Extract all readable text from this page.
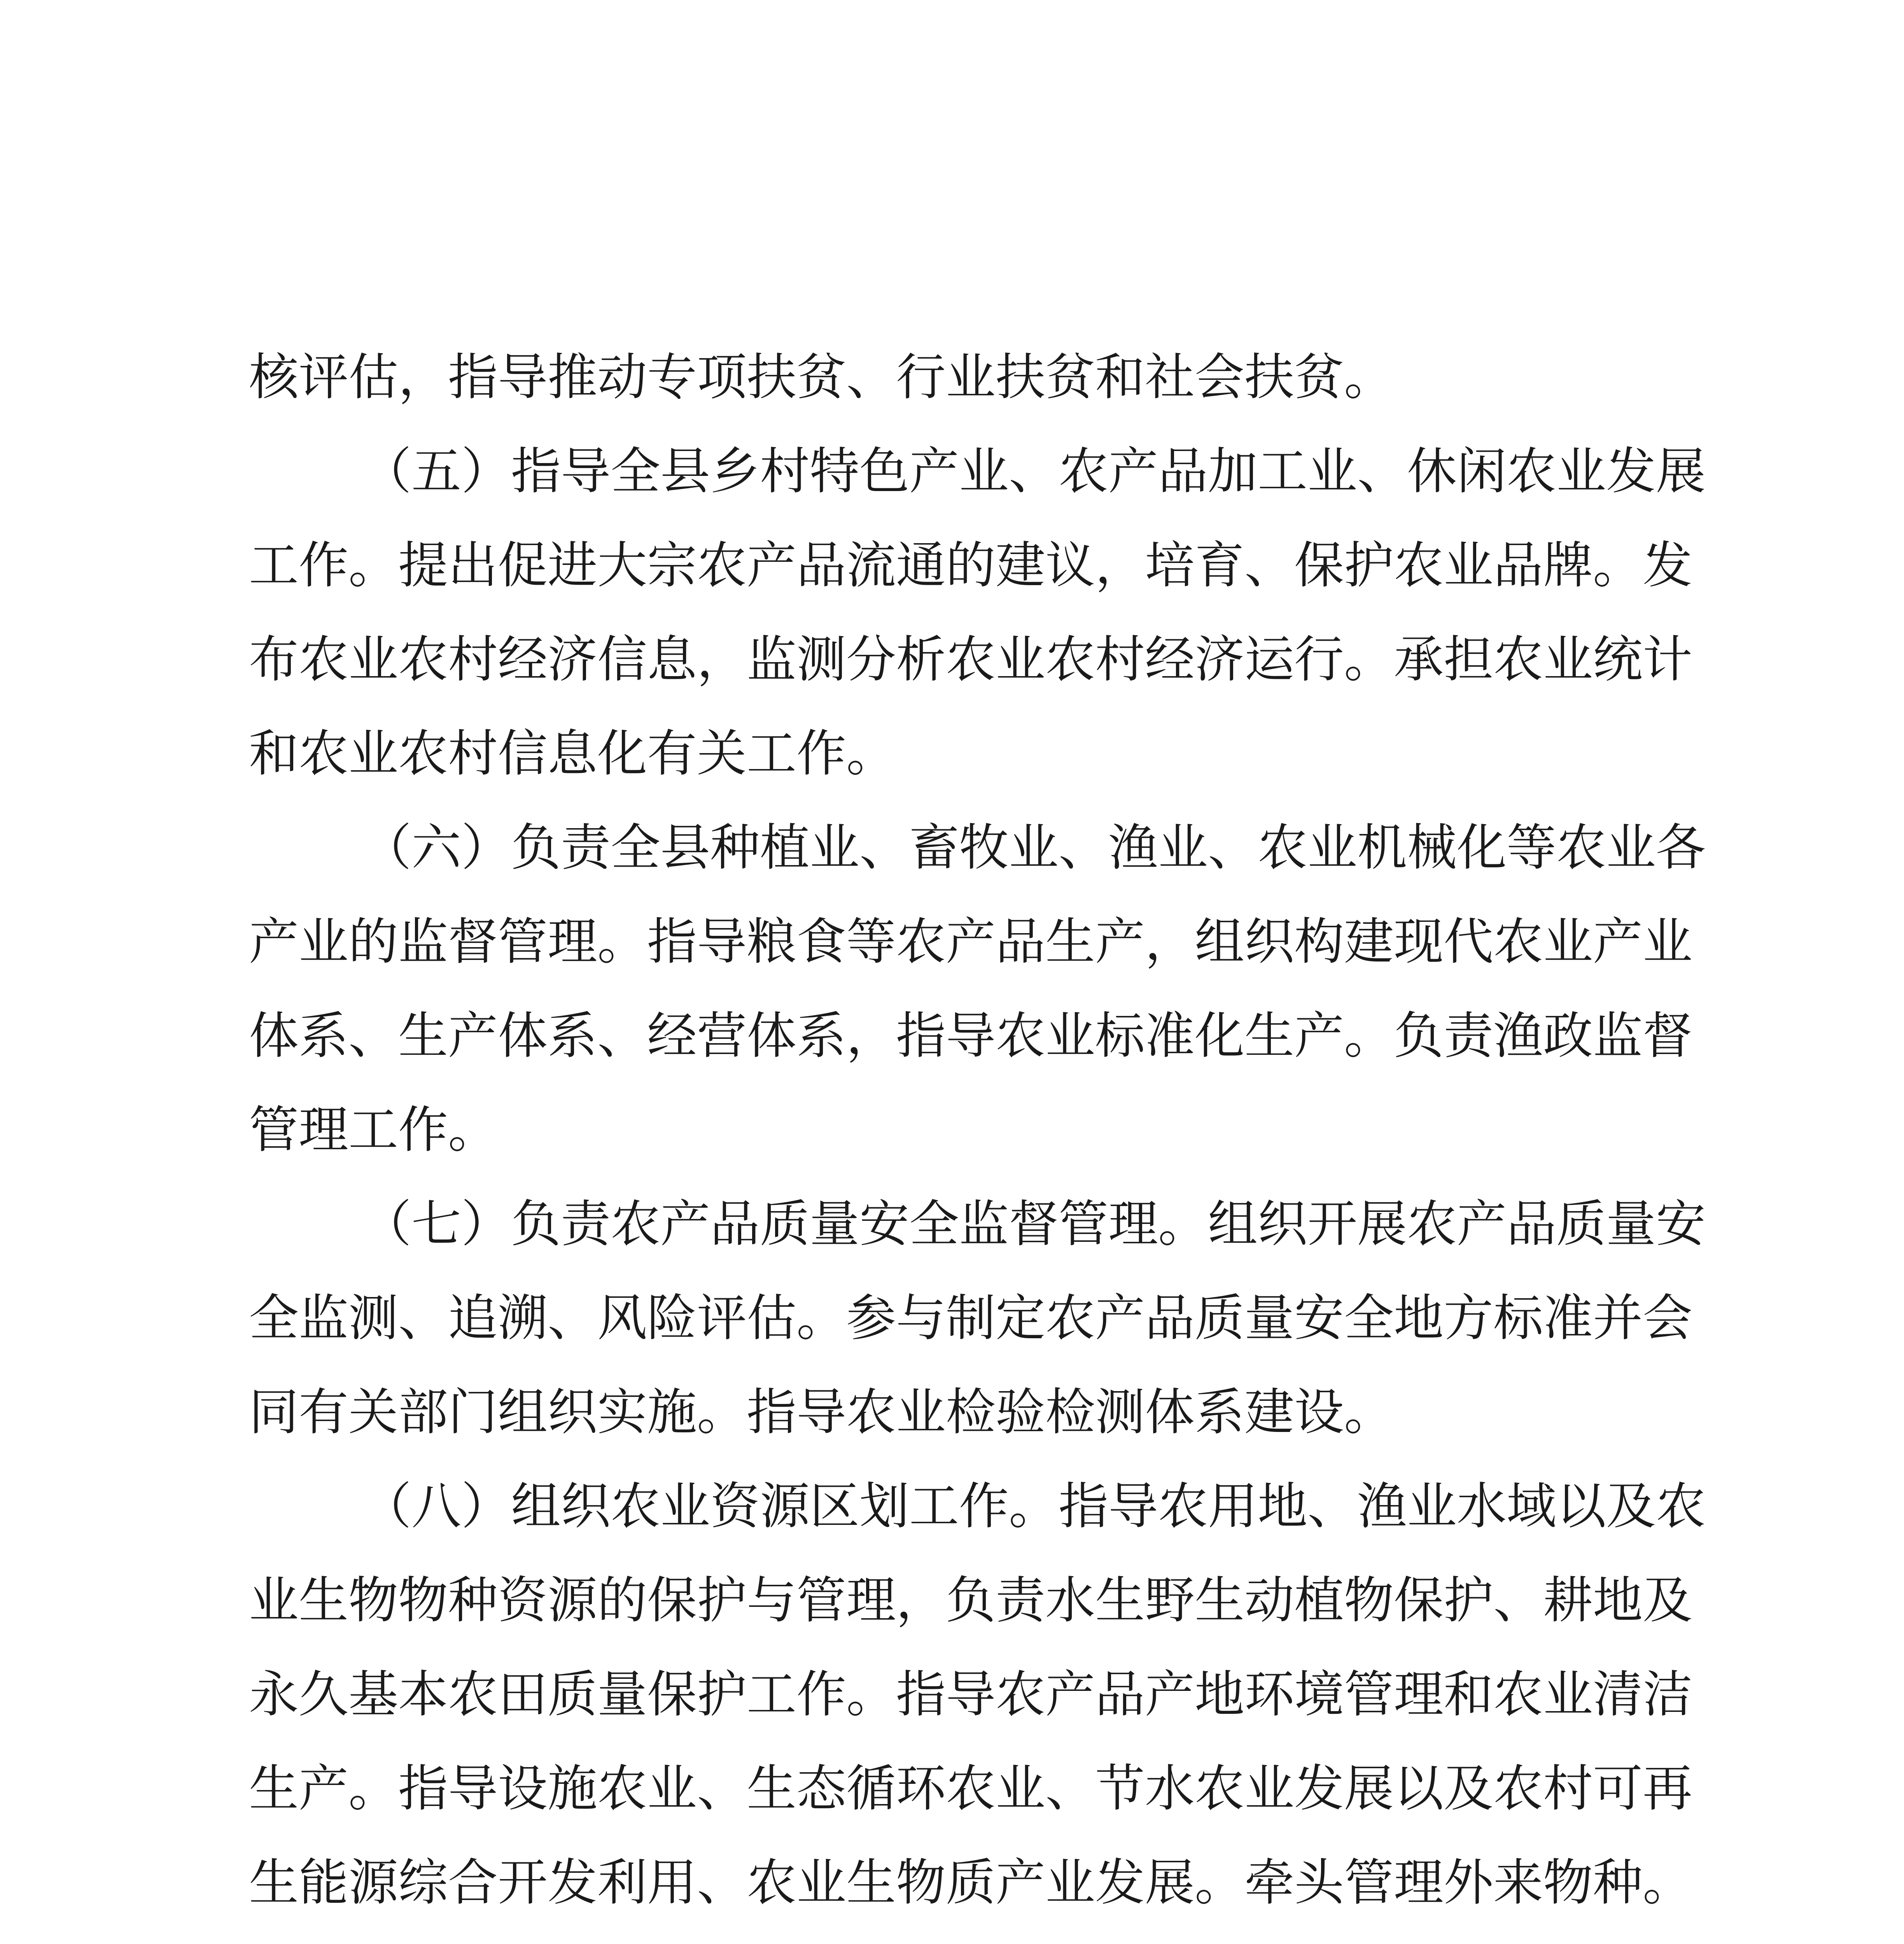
核评估，指导推动专项扶贫、行业扶贫和社会扶贫。
（五）指导全县乡村特色产业、农产品加工业、休闲农业发展
工作。提出促进大宗农产品流通的建议，培育、保护农业品牌。发
布农业农村经济信息，监测分析农业农村经济运行。承担农业统计
和农业农村信息化有关工作。
（六）负责全县种植业、畜牧业、渔业、农业机械化等农业各
产业的监督管理。指导粮食等农产品生产，组织构建现代农业产业
体系、生产体系、经营体系，指导农业标准化生产。负责渔政监督
管理工作。
（七）负责农产品质量安全监督管理。组织开展农产品质量安
全监测、追溯、风险评估。参与制定农产品质量安全地方标准并会
同有关部门组织实施。指导农业检验检测体系建设。
（八）组织农业资源区划工作。指导农用地、渔业水域以及农
业生物物种资源的保护与管理，负责水生野生动植物保护、耕地及
永久基本农田质量保护工作。指导农产品产地环境管理和农业清洁
生产。指导设施农业、生态循环农业、节水农业发展以及农村可再
生能源综合开发利用、农业生物质产业发展。牵头管理外来物种。
